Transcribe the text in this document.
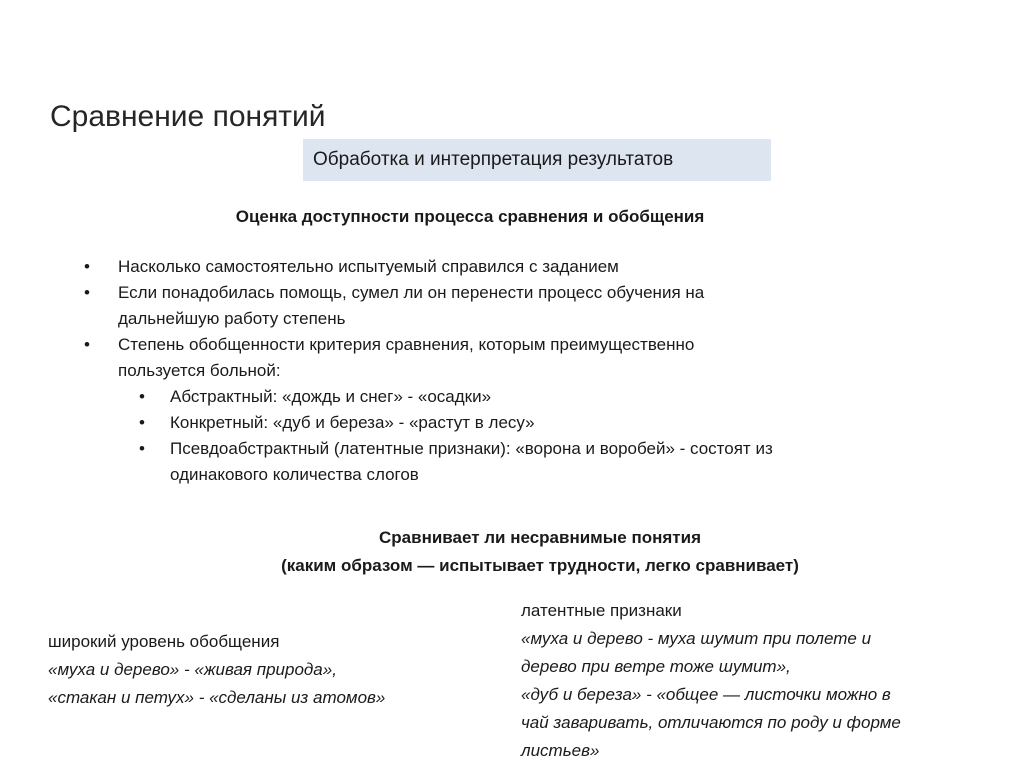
Сравнение понятий
Обработка и интерпретация результатов
Оценка доступности процесса сравнения и обобщения
• Насколько самостоятельно испытуемый справился с заданием
• Если понадобилась помощь, сумел ли он перенести процесс обучения на
дальнейшую работу степень
• Степень обобщенности критерия сравнения, которым преимущественно
пользуется больной:
• Абстрактный: «дождь и снег» - «осадки»
• Конкретный: «дуб и береза» - «растут в лесу»
• Псевдоабстрактный (латентные признаки): «ворона и воробей» - состоят из
одинакового количества слогов
Сравнивает ли несравнимые понятия
(каким образом — испытывает трудности, легко сравнивает)
широкий уровень обобщения
«муха и дерево» - «живая природа»,
«стакан и петух» - «сделаны из атомов»
латентные признаки
«муха и дерево - муха шумит при полете и
дерево при ветре тоже шумит»,
«дуб и береза» - «общее — листочки можно в
чай заваривать, отличаются по роду и форме
листьев»
